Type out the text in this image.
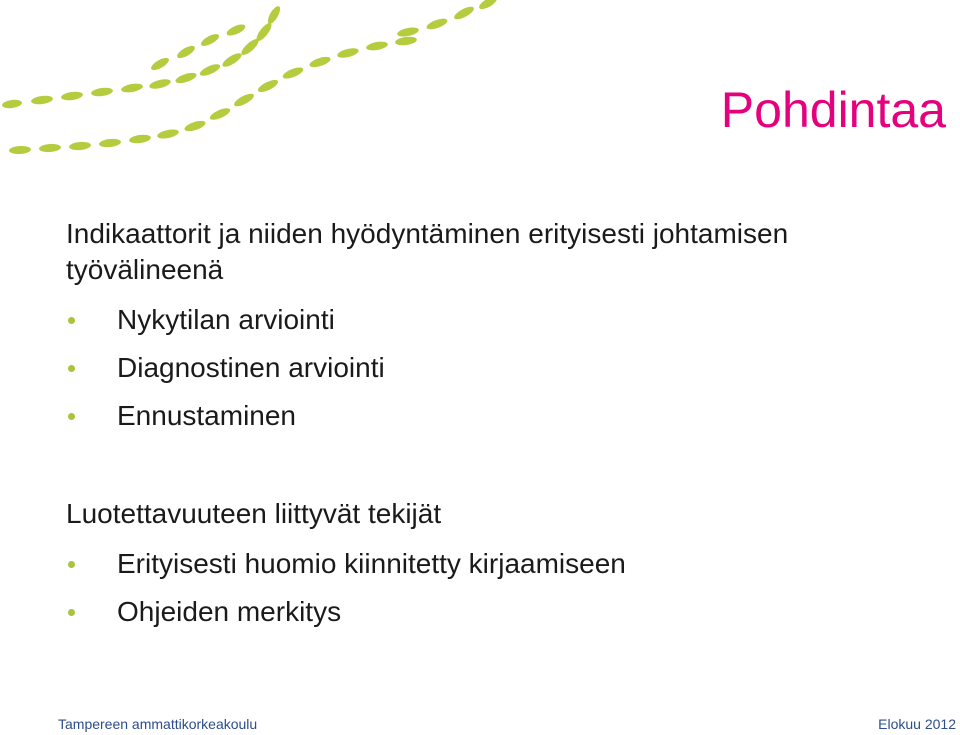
Pohdintaa

Indikaattorit ja niiden hyödyntäminen erityisesti johtamisen työvälineenä

Nykytilan arviointi
Diagnostinen arviointi
Ennustaminen

Luotettavuuteen liittyvät tekijät

Erityisesti huomio kiinnitetty kirjaamiseen
Ohjeiden merkitys
Tampereen ammattikorkeakoulu	Elokuu 2012
